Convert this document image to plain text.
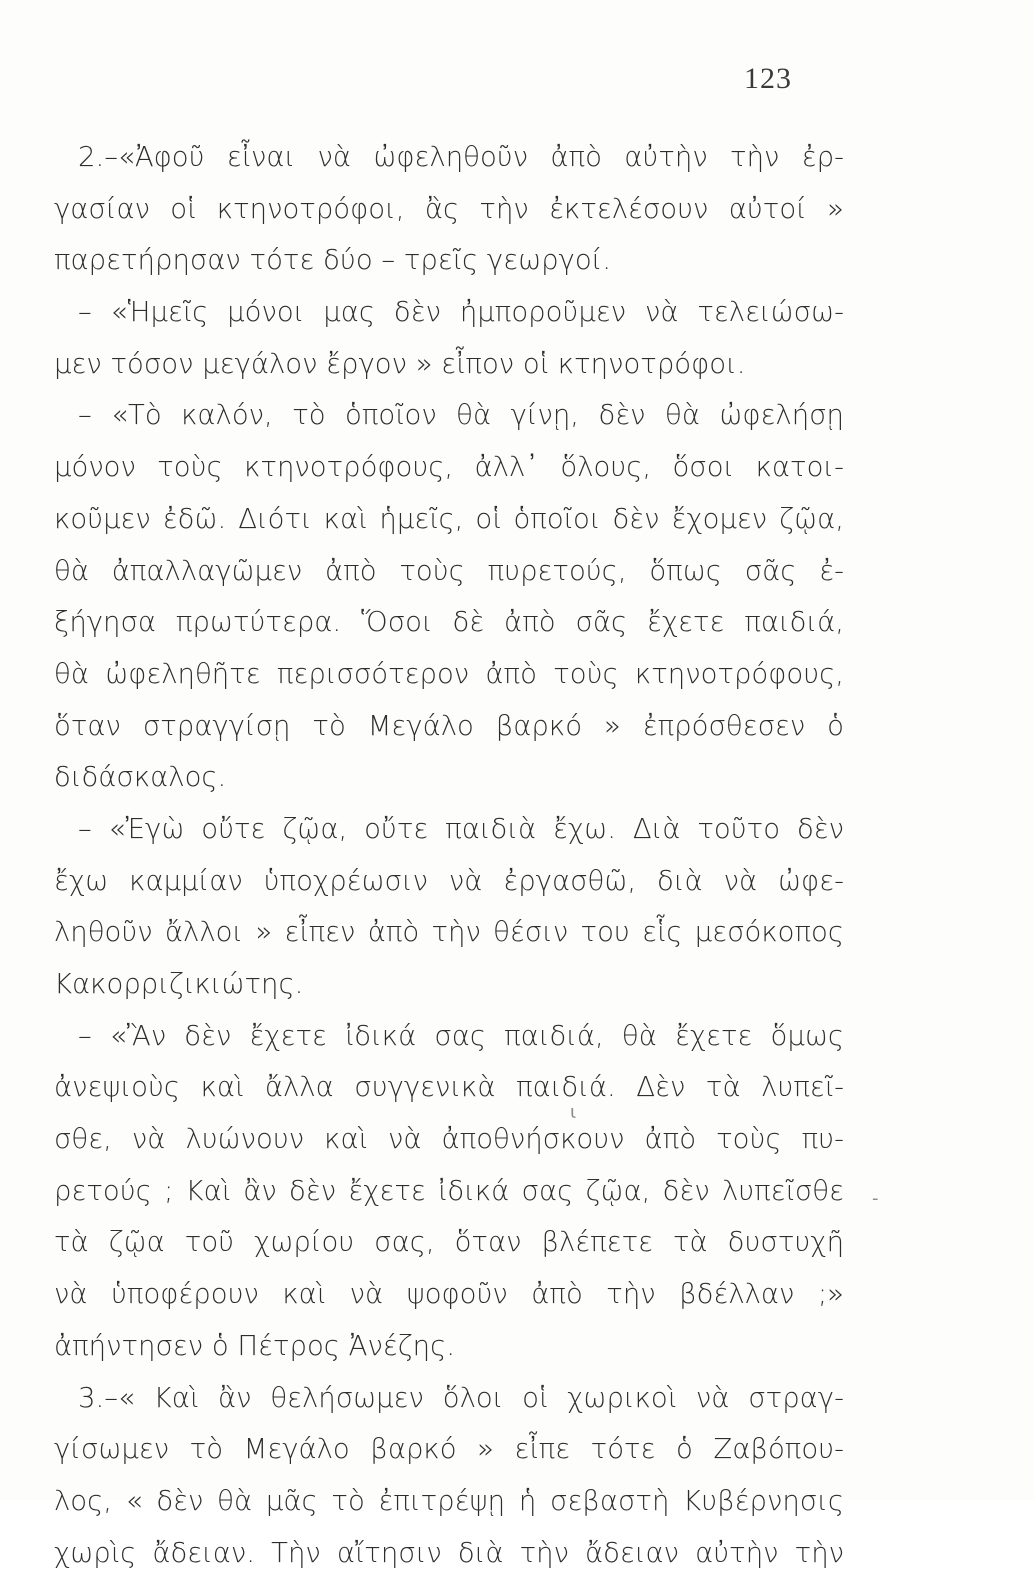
123
2.–«Ἀφοῦ εἶναι νὰ ὠφεληθοῦν ἀπὸ αὐτὴν τὴν ἐρ-
γασίαν οἱ κτηνοτρόφοι, ἂς τὴν ἐκτελέσουν αὐτοί »
παρετήρησαν τότε δύο – τρεῖς γεωργοί.
– «Ἡμεῖς μόνοι μας δὲν ἠμποροῦμεν νὰ τελειώσω-
μεν τόσον μεγάλον ἔργον » εἶπον οἱ κτηνοτρόφοι.
– «Τὸ καλόν, τὸ ὁποῖον θὰ γίνῃ, δὲν θὰ ὠφελήσῃ
μόνον τοὺς κτηνοτρόφους, ἀλλ᾽ ὅλους, ὅσοι κατοι-
κοῦμεν ἐδῶ. Διότι καὶ ἡμεῖς, οἱ ὁποῖοι δὲν ἔχομεν ζῷα,
θὰ ἀπαλλαγῶμεν ἀπὸ τοὺς πυρετούς, ὅπως σᾶς ἐ-
ξήγησα πρωτύτερα. Ὅσοι δὲ ἀπὸ σᾶς ἔχετε παιδιά,
θὰ ὠφεληθῆτε περισσότερον ἀπὸ τοὺς κτηνοτρόφους,
ὅταν στραγγίσῃ τὸ Μεγάλο βαρκό » ἐπρόσθεσεν ὁ
διδάσκαλος.
– «Ἐγὼ οὔτε ζῷα, οὔτε παιδιὰ ἔχω. Διὰ τοῦτο δὲν
ἔχω καμμίαν ὑποχρέωσιν νὰ ἐργασθῶ, διὰ νὰ ὠφε-
ληθοῦν ἄλλοι » εἶπεν ἀπὸ τὴν θέσιν του εἷς μεσόκοπος
Κακορριζικιώτης.
– «Ἂν δὲν ἔχετε ἰδικά σας παιδιά, θὰ ἔχετε ὅμως
ἀνεψιοὺς καὶ ἄλλα συγγενικὰ παιδιά. Δὲν τὰ λυπεῖ-
σθε, νὰ λυώνουν καὶ νὰ ἀποθνήσκουν ἀπὸ τοὺς πυ-
ρετούς ; Καὶ ἂν δὲν ἔχετε ἰδικά σας ζῷα, δὲν λυπεῖσθε
τὰ ζῷα τοῦ χωρίου σας, ὅταν βλέπετε τὰ δυστυχῆ
νὰ ὑποφέρουν καὶ νὰ ψοφοῦν ἀπὸ τὴν βδέλλαν ;»
ἀπήντησεν ὁ Πέτρος Ἀνέζης.
3.–« Καὶ ἂν θελήσωμεν ὅλοι οἱ χωρικοὶ νὰ στραγ-
γίσωμεν τὸ Μεγάλο βαρκό » εἶπε τότε ὁ Ζαβόπου-
λος, « δὲν θὰ μᾶς τὸ ἐπιτρέψῃ ἡ σεβαστὴ Κυβέρνησις
χωρὶς ἄδειαν. Τὴν αἴτησιν διὰ τὴν ἄδειαν αὐτὴν τὴν
ι
-
